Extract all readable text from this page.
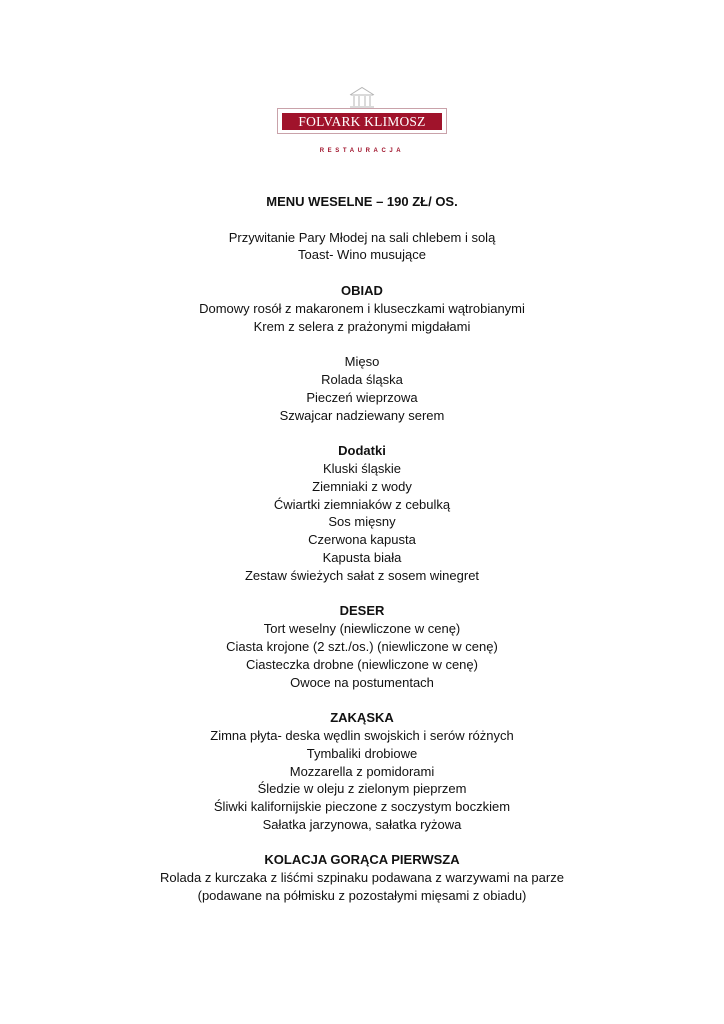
FOLVARK KLIMOSZ
RESTAURACJA
MENU WESELNE – 190 ZŁ/ OS.
Przywitanie Pary Młodej na sali chlebem i solą
Toast- Wino musujące
OBIAD
Domowy rosół z makaronem i kluseczkami wątrobianymi
Krem z selera z prażonymi migdałami
Mięso
Rolada śląska
Pieczeń wieprzowa
Szwajcar nadziewany serem
Dodatki
Kluski śląskie
Ziemniaki z wody
Ćwiartki ziemniaków z cebulką
Sos mięsny
Czerwona kapusta
Kapusta biała
Zestaw świeżych sałat z sosem winegret
DESER
Tort weselny (niewliczone w cenę)
Ciasta krojone (2 szt./os.) (niewliczone w cenę)
Ciasteczka drobne (niewliczone w cenę)
Owoce na postumentach
ZAKĄSKA
Zimna płyta- deska wędlin swojskich i serów różnych
Tymbaliki drobiowe
Mozzarella z pomidorami
Śledzie w oleju z zielonym pieprzem
Śliwki kalifornijskie pieczone z soczystym boczkiem
Sałatka jarzynowa, sałatka ryżowa
KOLACJA GORĄCA PIERWSZA
Rolada z kurczaka z liśćmi szpinaku podawana z warzywami na parze
(podawane na półmisku z pozostałymi mięsami z obiadu)
